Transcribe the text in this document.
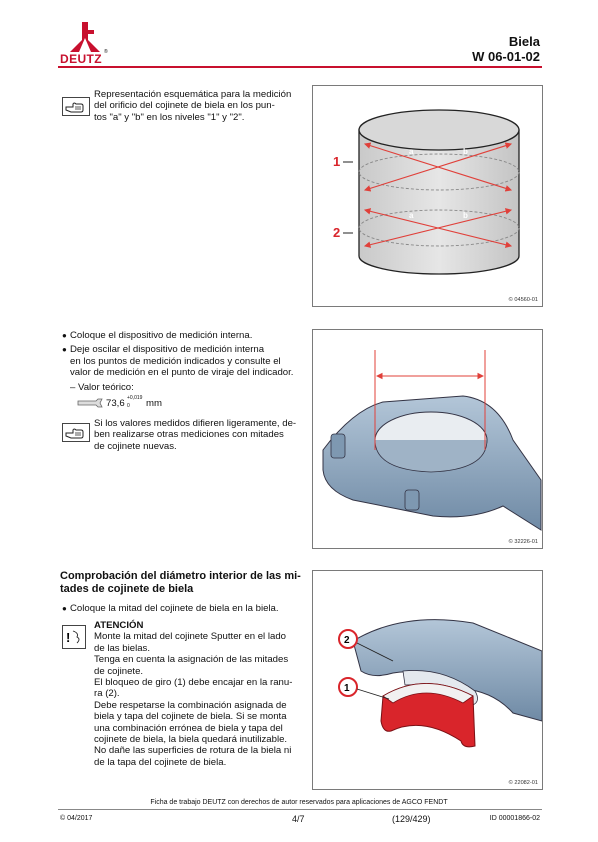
DEUTZ ®
Biela
W 06-01-02
Representación esquemática para la medición
del orificio del cojinete de biela en los pun-
tos "a" y "b" en los niveles "1" y "2".
a	b
a	b
1
2
© 04560-01
● Coloque el dispositivo de medición interna.
● Deje oscilar el dispositivo de medición interna
en los puntos de medición indicados y consulte el
valor de medición en el punto de viraje del indicador.
– Valor teórico:
73,6 +0,019
0 mm
Si los valores medidos difieren ligeramente, de-
ben realizarse otras mediciones con mitades
de cojinete nuevas.
© 32226-01
Comprobación del diámetro interior de las mi-
tades de cojinete de biela
● Coloque la mitad del cojinete de biela en la biela.
!
ATENCIÓN
Monte la mitad del cojinete Sputter en el lado
de las bielas.
Tenga en cuenta la asignación de las mitades
de cojinete.
El bloqueo de giro (1) debe encajar en la ranu-
ra (2).
Debe respetarse la combinación asignada de
biela y tapa del cojinete de biela. Si se monta
una combinación errónea de biela y tapa del
cojinete de biela, la biela quedará inutilizable.
No dañe las superficies de rotura de la biela ni
de la tapa del cojinete de biela.
2
1
© 22082-01
Ficha de trabajo DEUTZ con derechos de autor reservados para aplicaciones de AGCO FENDT
© 04/2017	4/7	(129/429)	ID 00001866-02
